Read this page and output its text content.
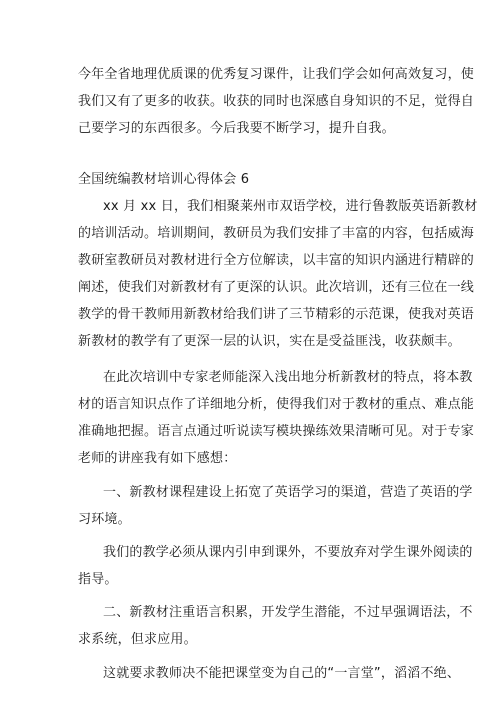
今年全省地理优质课的优秀复习课件，让我们学会如何高效复习，使
我们又有了更多的收获。收获的同时也深感自身知识的不足，觉得自
己要学习的东西很多。今后我要不断学习，提升自我。
全国统编教材培训心得体会 6
xx 月 xx 日，我们相聚莱州市双语学校，进行鲁教版英语新教材
的培训活动。培训期间，教研员为我们安排了丰富的内容，包括威海
教研室教研员对教材进行全方位解读，以丰富的知识内涵进行精辟的
阐述，使我们对新教材有了更深的认识。此次培训，还有三位在一线
教学的骨干教师用新教材给我们讲了三节精彩的示范课，使我对英语
新教材的教学有了更深一层的认识，实在是受益匪浅，收获颇丰。
在此次培训中专家老师能深入浅出地分析新教材的特点，将本教
材的语言知识点作了详细地分析，使得我们对于教材的重点、难点能
准确地把握。语言点通过听说读写模块操练效果清晰可见。对于专家
老师的讲座我有如下感想：
一、新教材课程建设上拓宽了英语学习的渠道，营造了英语的学
习环境。
我们的教学必须从课内引申到课外，不要放弃对学生课外阅读的
指导。
二、新教材注重语言积累，开发学生潜能，不过早强调语法，不
求系统，但求应用。
这就要求教师决不能把课堂变为自己的“一言堂”，滔滔不绝、
